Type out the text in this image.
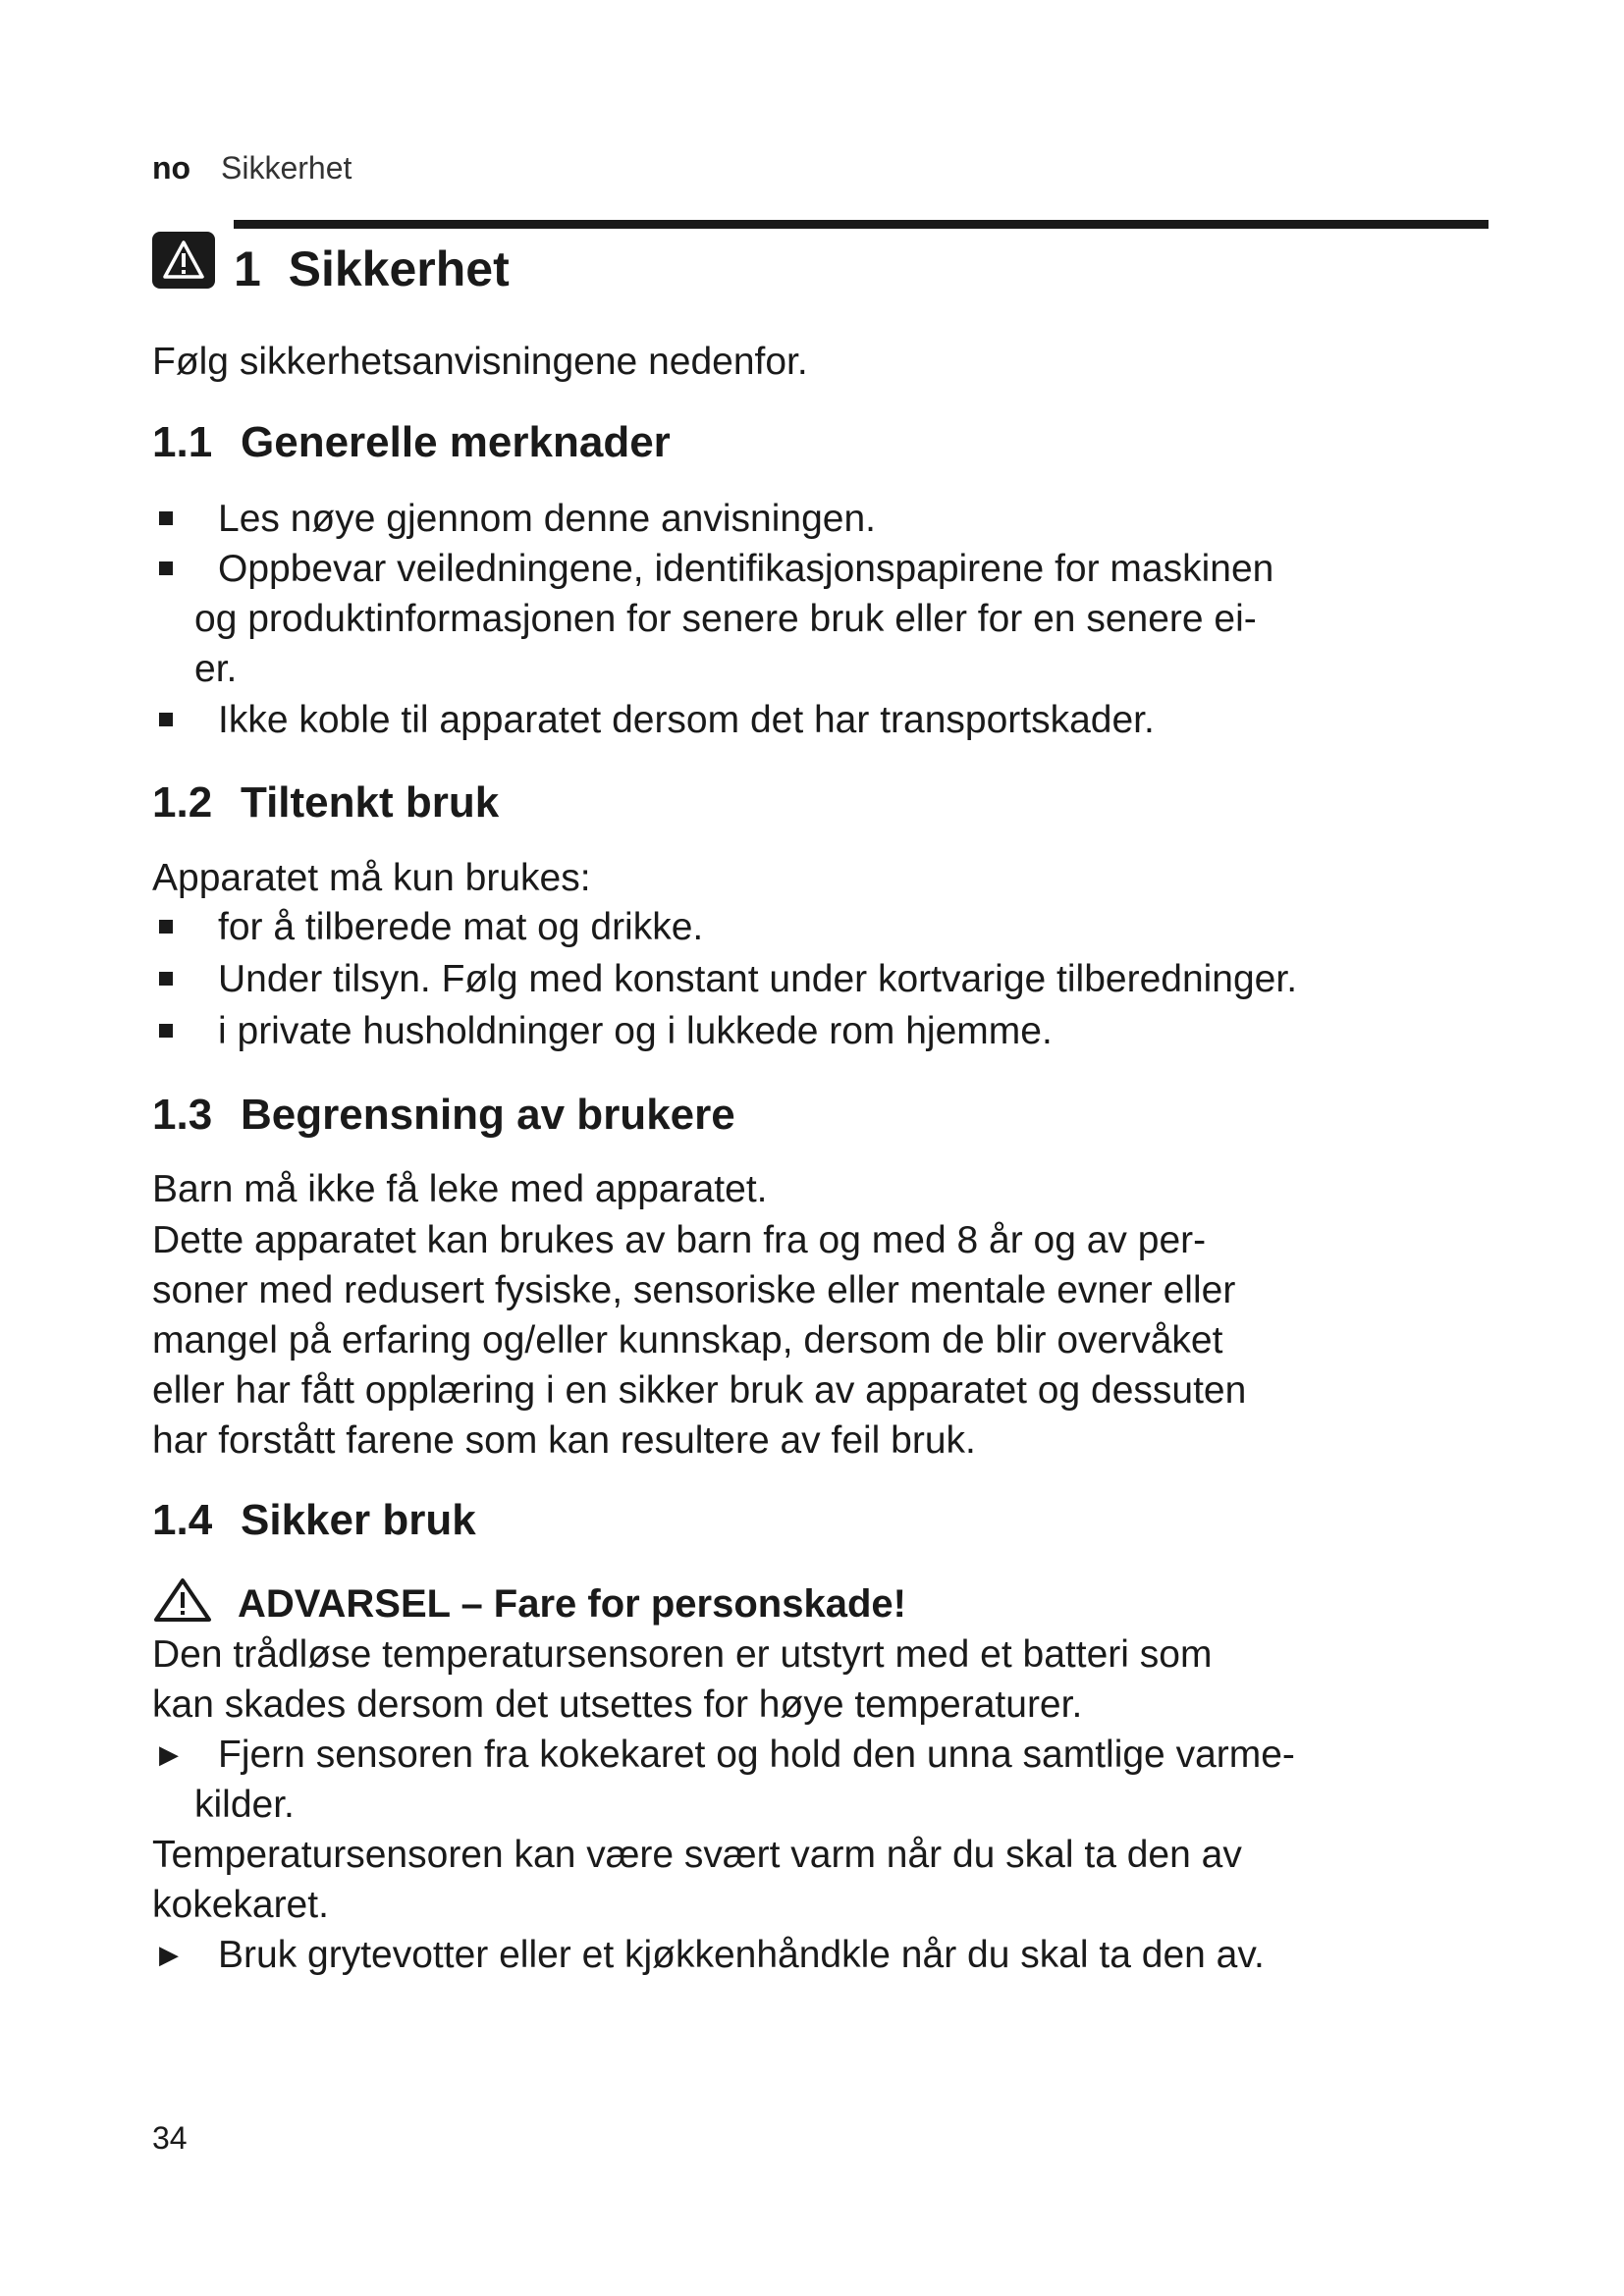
no Sikkerhet
1 Sikkerhet
Følg sikkerhetsanvisningene nedenfor.
1.1 Generelle merknader
Les nøye gjennom denne anvisningen.
Oppbevar veiledningene, identifikasjonspapirene for maskinen
og produktinformasjonen for senere bruk eller for en senere ei-
er.
Ikke koble til apparatet dersom det har transportskader.
1.2 Tiltenkt bruk
Apparatet må kun brukes:
for å tilberede mat og drikke.
Under tilsyn. Følg med konstant under kortvarige tilberedninger.
i private husholdninger og i lukkede rom hjemme.
1.3 Begrensning av brukere
Barn må ikke få leke med apparatet.
Dette apparatet kan brukes av barn fra og med 8 år og av per-
soner med redusert fysiske, sensoriske eller mentale evner eller
mangel på erfaring og/eller kunnskap, dersom de blir overvåket
eller har fått opplæring i en sikker bruk av apparatet og dessuten
har forstått farene som kan resultere av feil bruk.
1.4 Sikker bruk
ADVARSEL – Fare for personskade!
Den trådløse temperatursensoren er utstyrt med et batteri som
kan skades dersom det utsettes for høye temperaturer.
▶ Fjern sensoren fra kokekaret og hold den unna samtlige varme-
kilder.
Temperatursensoren kan være svært varm når du skal ta den av
kokekaret.
▶ Bruk grytevotter eller et kjøkkenhåndkle når du skal ta den av.
34
